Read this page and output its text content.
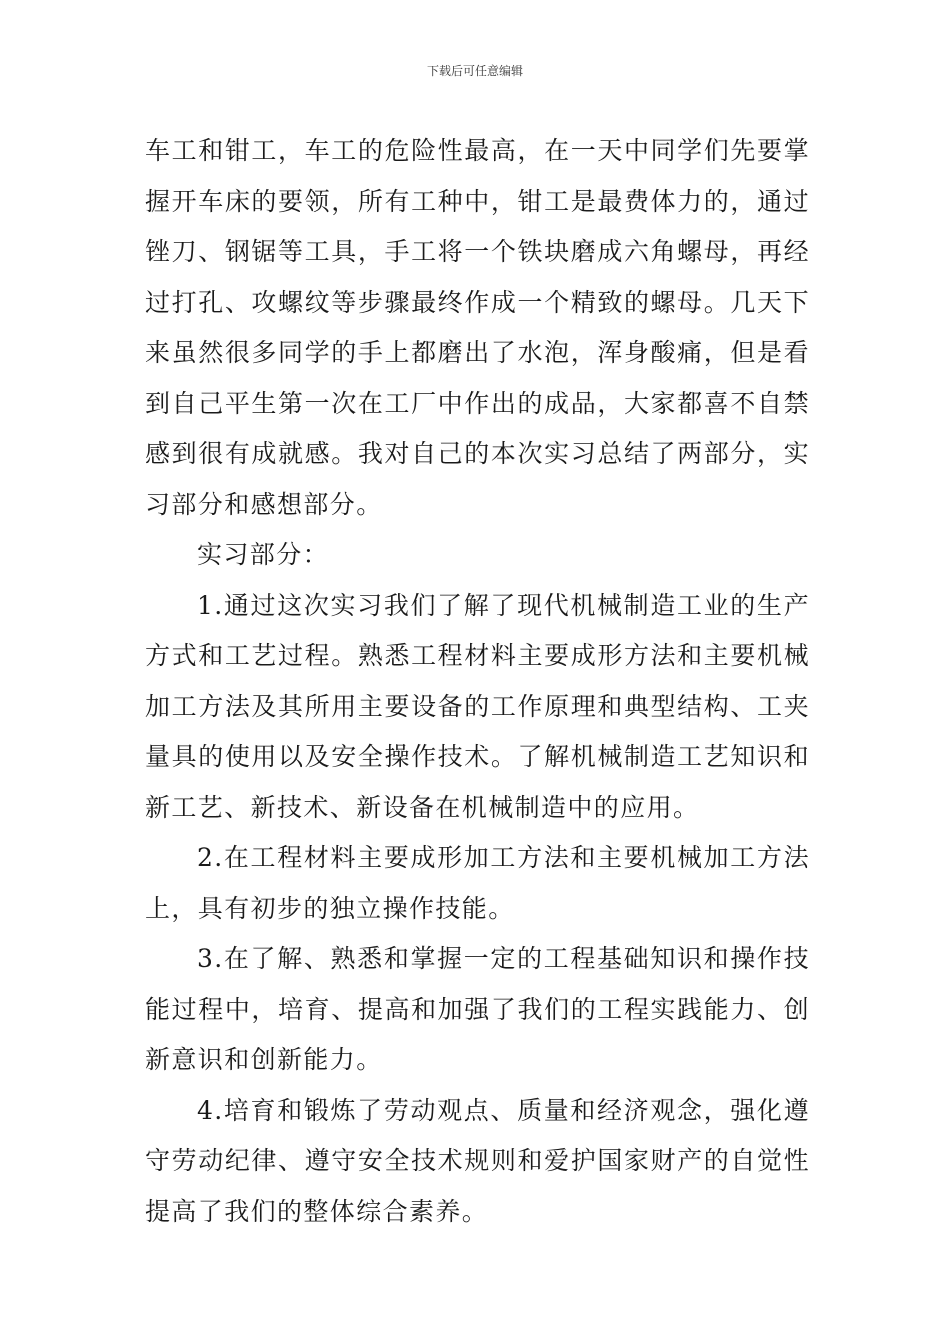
下载后可任意编辑

车工和钳工，车工的危险性最高，在一天中同学们先要掌握开车床的要领，所有工种中，钳工是最费体力的，通过锉刀、钢锯等工具，手工将一个铁块磨成六角螺母，再经过打孔、攻螺纹等步骤最终作成一个精致的螺母。几天下来虽然很多同学的手上都磨出了水泡，浑身酸痛，但是看到自己平生第一次在工厂中作出的成品，大家都喜不自禁感到很有成就感。我对自己的本次实习总结了两部分，实习部分和感想部分。

实习部分：

1.通过这次实习我们了解了现代机械制造工业的生产方式和工艺过程。熟悉工程材料主要成形方法和主要机械加工方法及其所用主要设备的工作原理和典型结构、工夹量具的使用以及安全操作技术。了解机械制造工艺知识和新工艺、新技术、新设备在机械制造中的应用。

2.在工程材料主要成形加工方法和主要机械加工方法上，具有初步的独立操作技能。

3.在了解、熟悉和掌握一定的工程基础知识和操作技能过程中，培育、提高和加强了我们的工程实践能力、创新意识和创新能力。

4.培育和锻炼了劳动观点、质量和经济观念，强化遵守劳动纪律、遵守安全技术规则和爱护国家财产的自觉性提高了我们的整体综合素养。
